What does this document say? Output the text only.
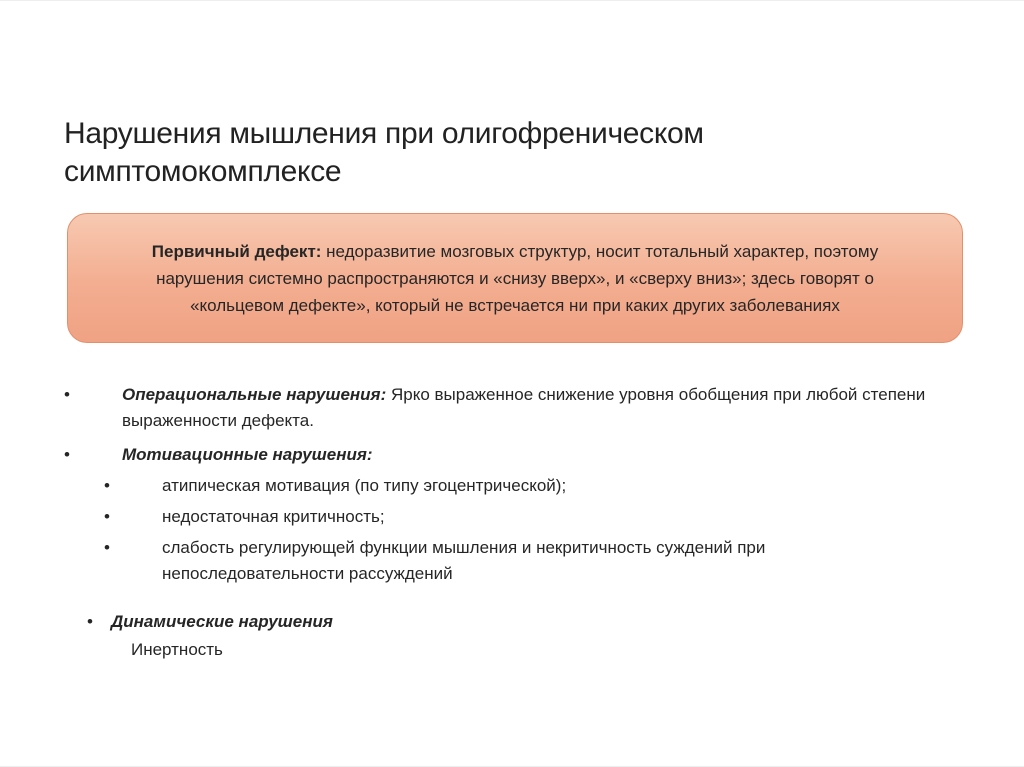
Нарушения мышления при олигофреническом
симптомокомплексе
Первичный дефект: недоразвитие мозговых структур, носит тотальный характер, поэтому нарушения системно распространяются и «снизу вверх», и «сверху вниз»; здесь говорят о «кольцевом дефекте», который не встречается ни при каких других заболеваниях
•	Операциональные нарушения: Ярко выраженное снижение уровня обобщения при любой степени выраженности дефекта.
•	Мотивационные нарушения:
•	атипическая мотивация (по типу эгоцентрической);
•	недостаточная критичность;
•	слабость регулирующей функции мышления и некритичность суждений при непоследовательности рассуждений
• Динамические нарушения
Инертность
